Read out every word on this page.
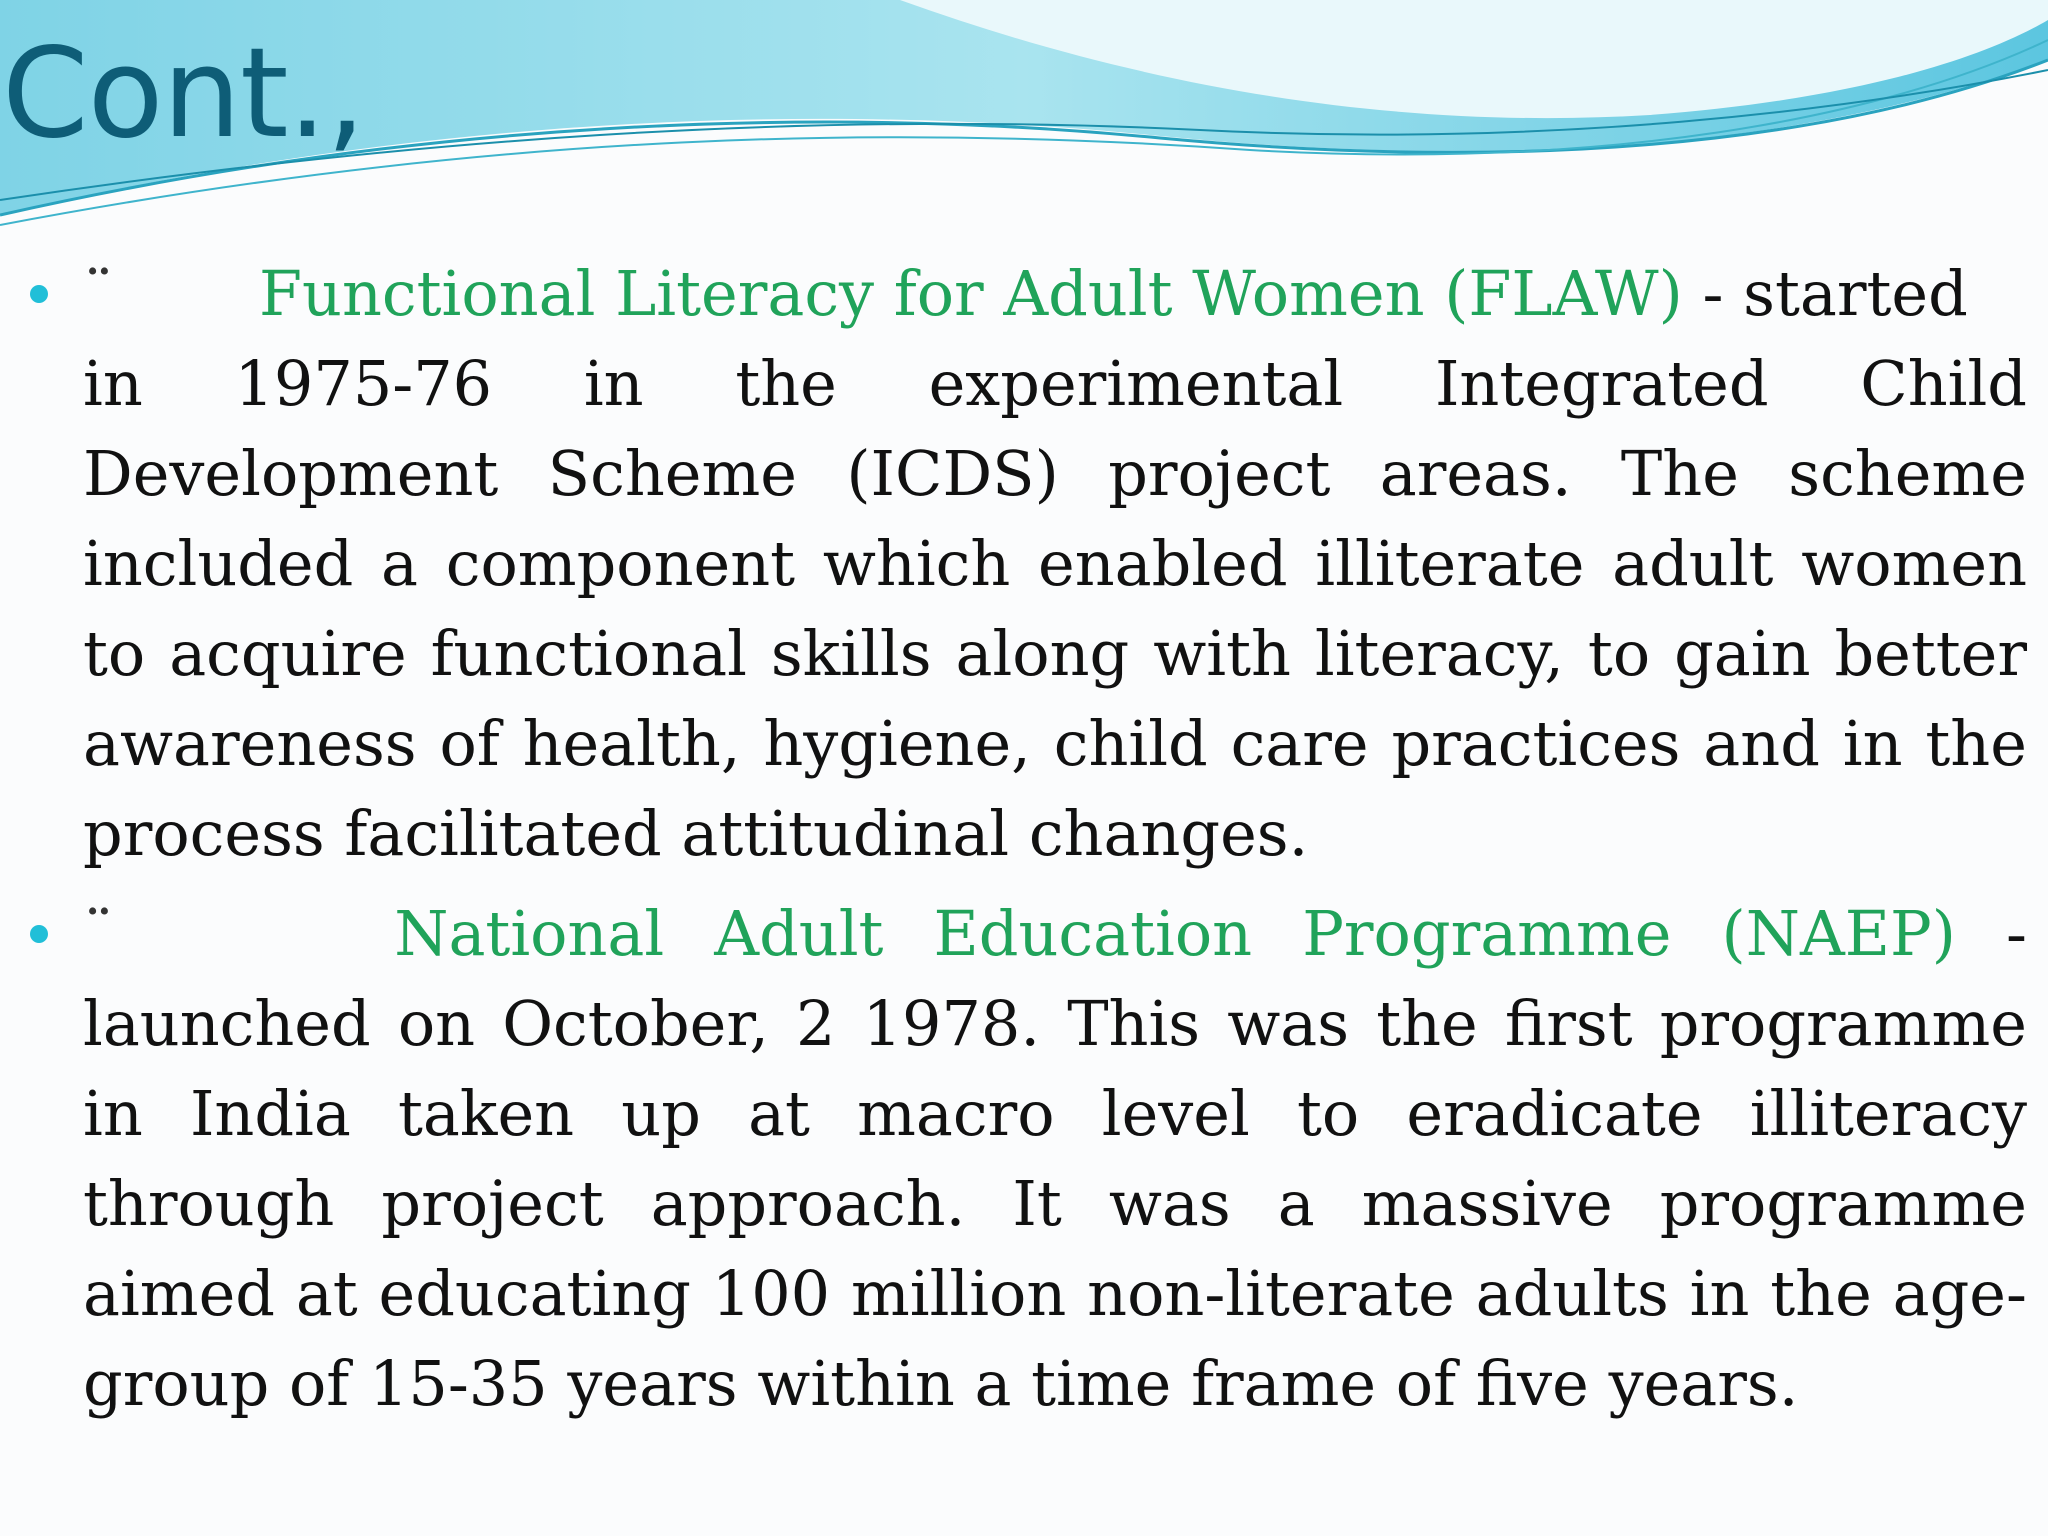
Cont.,
¨ Functional Literacy for Adult Women (FLAW) - started
in 1975-76 in the experimental Integrated Child
Development Scheme (ICDS) project areas. The scheme
included a component which enabled illiterate adult women
to acquire functional skills along with literacy, to gain better
awareness of health, hygiene, child care practices and in the
process facilitated attitudinal changes.
¨	National Adult Education Programme (NAEP) -
launched on October, 2 1978. This was the first programme
in India taken up at macro level to eradicate illiteracy
through project approach. It was a massive programme
aimed at educating 100 million non-literate adults in the age-
group of 15-35 years within a time frame of five years.
